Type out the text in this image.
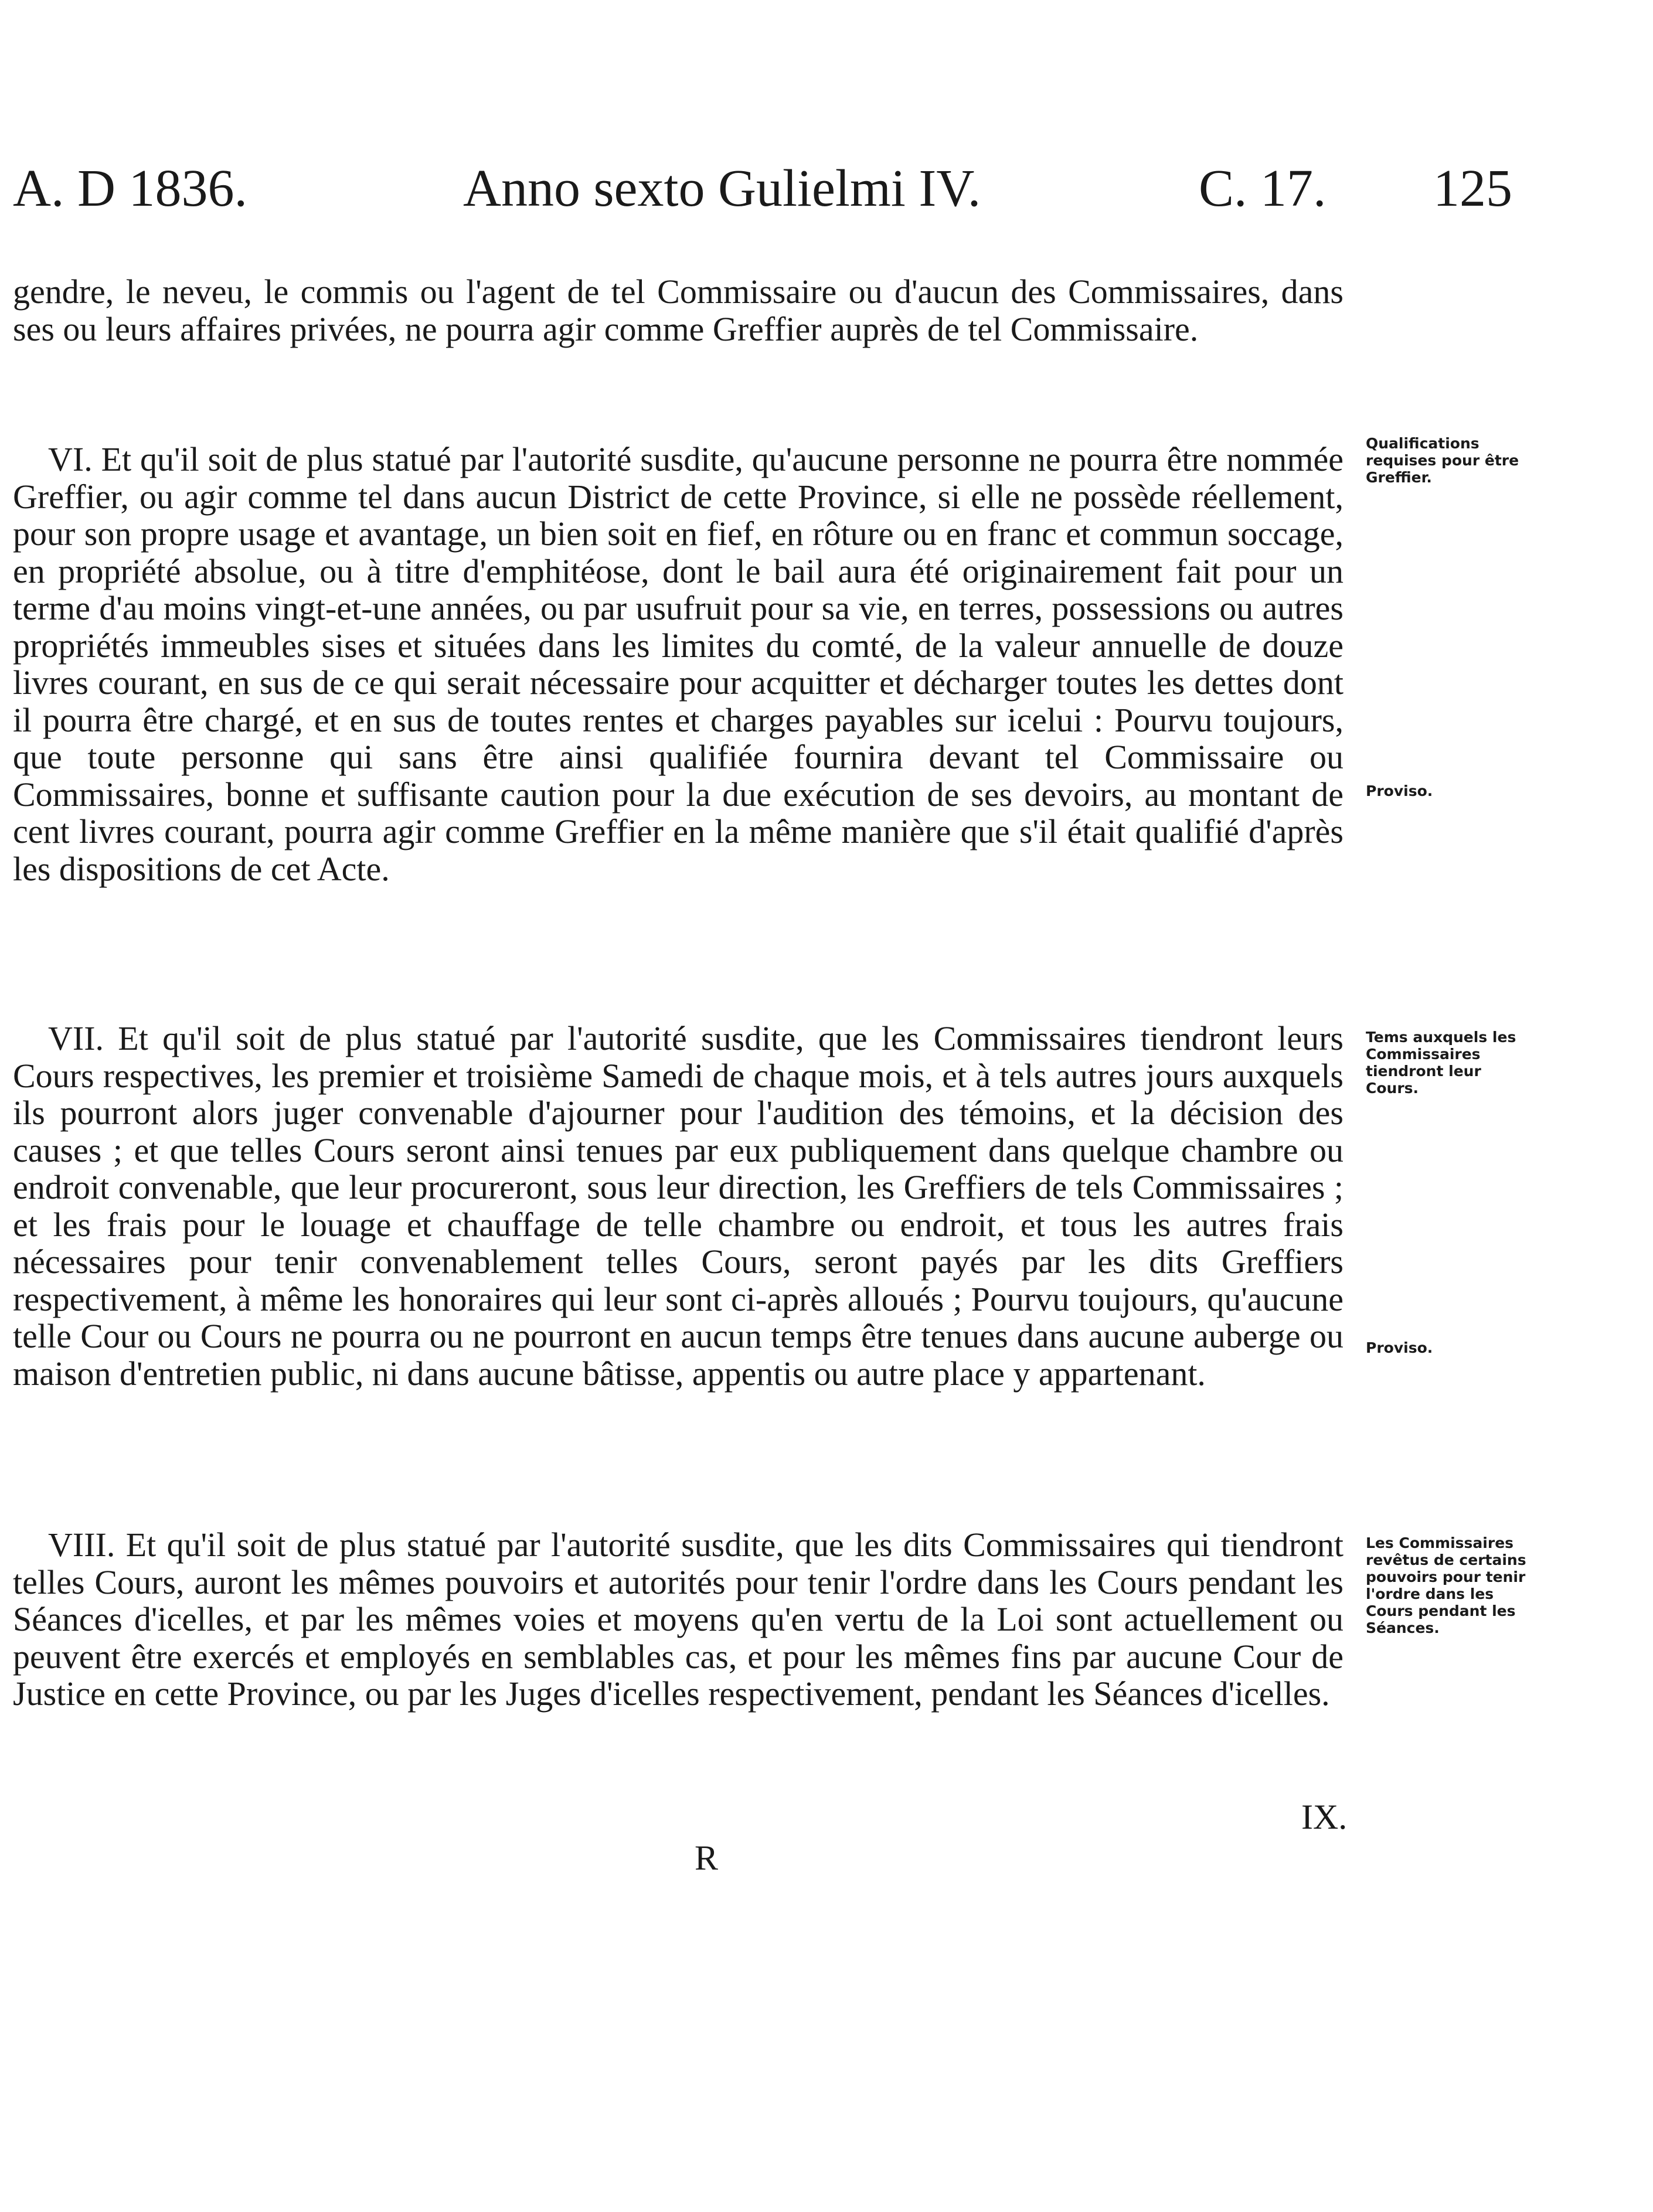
A. D 1836.	Anno sexto Gulielmi IV.	C. 17. 125
gendre, le neveu, le commis ou l'agent de tel Commissaire ou d'aucun des Commissaires, dans ses ou leurs affaires privées, ne pourra agir comme Greffier auprès de tel Commissaire.
VI. Et qu'il soit de plus statué par l'autorité susdite, qu'aucune personne ne pourra être nommée Greffier, ou agir comme tel dans aucun District de cette Province, si elle ne possède réellement, pour son propre usage et avantage, un bien soit en fief, en rôture ou en franc et commun soccage, en propriété absolue, ou à titre d'emphitéose, dont le bail aura été originairement fait pour un terme d'au moins vingt-et-une années, ou par usufruit pour sa vie, en terres, possessions ou autres propriétés immeubles sises et situées dans les limites du comté, de la valeur annuelle de douze livres courant, en sus de ce qui serait nécessaire pour acquitter et décharger toutes les dettes dont il pourra être chargé, et en sus de toutes rentes et charges payables sur icelui : Pourvu toujours, que toute personne qui sans être ainsi qualifiée fournira devant tel Commissaire ou Commissaires, bonne et suffisante caution pour la due exécution de ses devoirs, au montant de cent livres courant, pourra agir comme Greffier en la même manière que s'il était qualifié d'après les dispositions de cet Acte.
Qualifications requises pour être Greffier.
Proviso.
VII. Et qu'il soit de plus statué par l'autorité susdite, que les Commissaires tiendront leurs Cours respectives, les premier et troisième Samedi de chaque mois, et à tels autres jours auxquels ils pourront alors juger convenable d'ajourner pour l'audition des témoins, et la décision des causes ; et que telles Cours seront ainsi tenues par eux publiquement dans quelque chambre ou endroit convenable, que leur procureront, sous leur direction, les Greffiers de tels Commissaires ; et les frais pour le louage et chauffage de telle chambre ou endroit, et tous les autres frais nécessaires pour tenir convenablement telles Cours, seront payés par les dits Greffiers respectivement, à même les honoraires qui leur sont ci-après alloués ; Pourvu toujours, qu'aucune telle Cour ou Cours ne pourra ou ne pourront en aucun temps être tenues dans aucune auberge ou maison d'entretien public, ni dans aucune bâtisse, appentis ou autre place y appartenant.
Tems auxquels les Commissaires tiendront leur Cours.
Proviso.
VIII. Et qu'il soit de plus statué par l'autorité susdite, que les dits Commissaires qui tiendront telles Cours, auront les mêmes pouvoirs et autorités pour tenir l'ordre dans les Cours pendant les Séances d'icelles, et par les mêmes voies et moyens qu'en vertu de la Loi sont actuellement ou peuvent être exercés et employés en semblables cas, et pour les mêmes fins par aucune Cour de Justice en cette Province, ou par les Juges d'icelles respectivement, pendant les Séances d'icelles.
Les Commissaires revêtus de certains pouvoirs pour tenir l'ordre dans les Cours pendant les Séances.
IX.
R
